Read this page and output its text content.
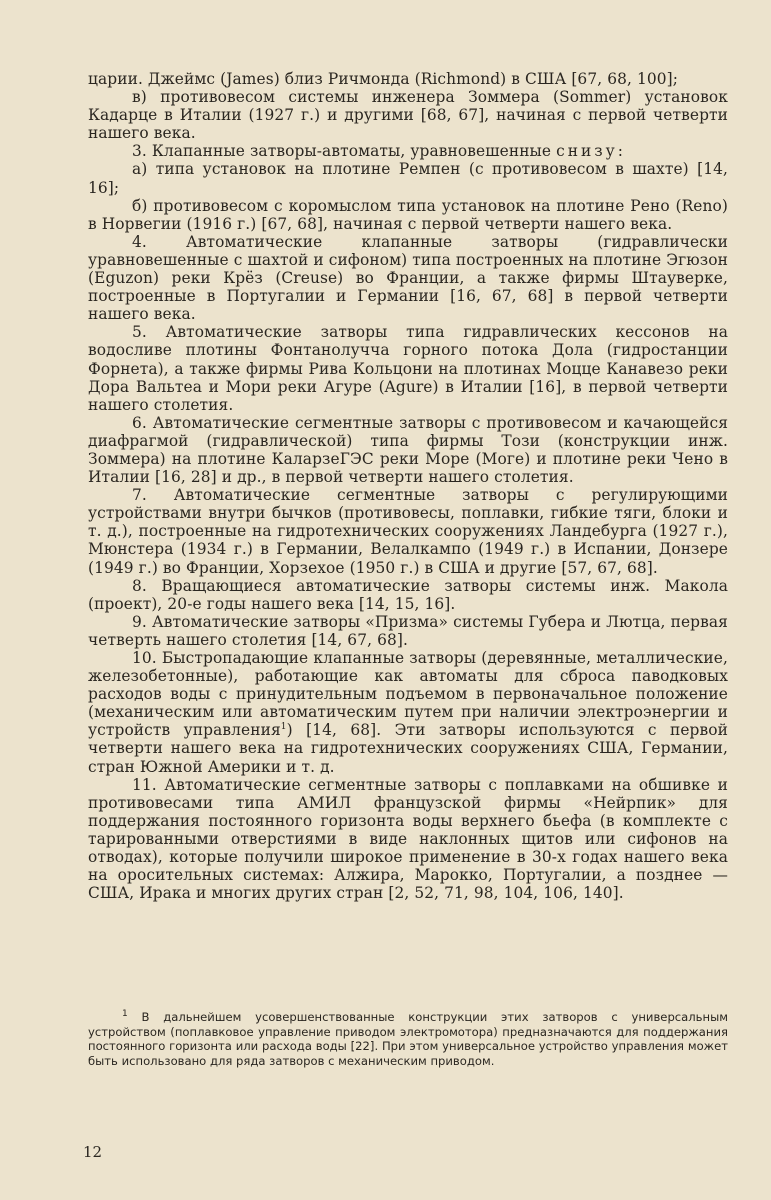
царии. Джеймс (James) близ Ричмонда (Richmond) в США [67, 68, 100];

в) противовесом системы инженера Зоммера (Sommer) установок Кадарце в Италии (1927 г.) и другими [68, 67], начиная с первой четверти нашего века.

3. Клапанные затворы-автоматы, уравновешенные снизу:

а) типа установок на плотине Ремпен (с противовесом в шахте) [14, 16];

б) противовесом с коромыслом типа установок на плотине Рено (Reno) в Норвегии (1916 г.) [67, 68], начиная с первой четверти нашего века.

4. Автоматические клапанные затворы (гидравлически уравновешенные с шахтой и сифоном) типа построенных на плотине Эгюзон (Eguzon) реки Крёз (Creuse) во Франции, а также фирмы Штауверке, построенные в Португалии и Германии [16, 67, 68] в первой четверти нашего века.

5. Автоматические затворы типа гидравлических кессонов на водосливе плотины Фонтанолучча горного потока Дола (гидростанции Форнета), а также фирмы Рива Кольцони на плотинах Моцце Канавезо реки Дора Вальтеа и Мори реки Агуре (Agure) в Италии [16], в первой четверти нашего столетия.

6. Автоматические сегментные затворы с противовесом и качающейся диафрагмой (гидравлической) типа фирмы Този (конструкции инж. Зоммера) на плотине КаларзеГЭС реки Море (Моге) и плотине реки Чено в Италии [16, 28] и др., в первой четверти нашего столетия.

7. Автоматические сегментные затворы с регулирующими устройствами внутри бычков (противовесы, поплавки, гибкие тяги, блоки и т. д.), построенные на гидротехнических сооружениях Ландебурга (1927 г.), Мюнстера (1934 г.) в Германии, Велалкампо (1949 г.) в Испании, Донзере (1949 г.) во Франции, Хорзехое (1950 г.) в США и другие [57, 67, 68].

8. Вращающиеся автоматические затворы системы инж. Макола (проект), 20-е годы нашего века [14, 15, 16].

9. Автоматические затворы «Призма» системы Губера и Лютца, первая четверть нашего столетия [14, 67, 68].

10. Быстропадающие клапанные затворы (деревянные, металлические, железобетонные), работающие как автоматы для сброса паводковых расходов воды с принудительным подъемом в первоначальное положение (механическим или автоматическим путем при наличии электроэнергии и устройств управления$^1$) [14, 68]. Эти затворы используются с первой четверти нашего века на гидротехнических сооружениях США, Германии, стран Южной Америки и т. д.

11. Автоматические сегментные затворы с поплавками на обшивке и противовесами типа АМИЛ французской фирмы «Нейрпик» для поддержания постоянного горизонта воды верхнего бьефа (в комплекте с тарированными отверстиями в виде наклонных щитов или сифонов на отводах), которые получили широкое применение в 30-х годах нашего века на оросительных системах: Алжира, Марокко, Португалии, а позднее — США, Ирака и многих других стран [2, 52, 71, 98, 104, 106, 140].

$^1$ В дальнейшем усовершенствованные конструкции этих затворов с универсальным устройством (поплавковое управление приводом электромотора) предназначаются для поддержания постоянного горизонта или расхода воды [22]. При этом универсальное устройство управления может быть использовано для ряда затворов с механическим приводом.

12
